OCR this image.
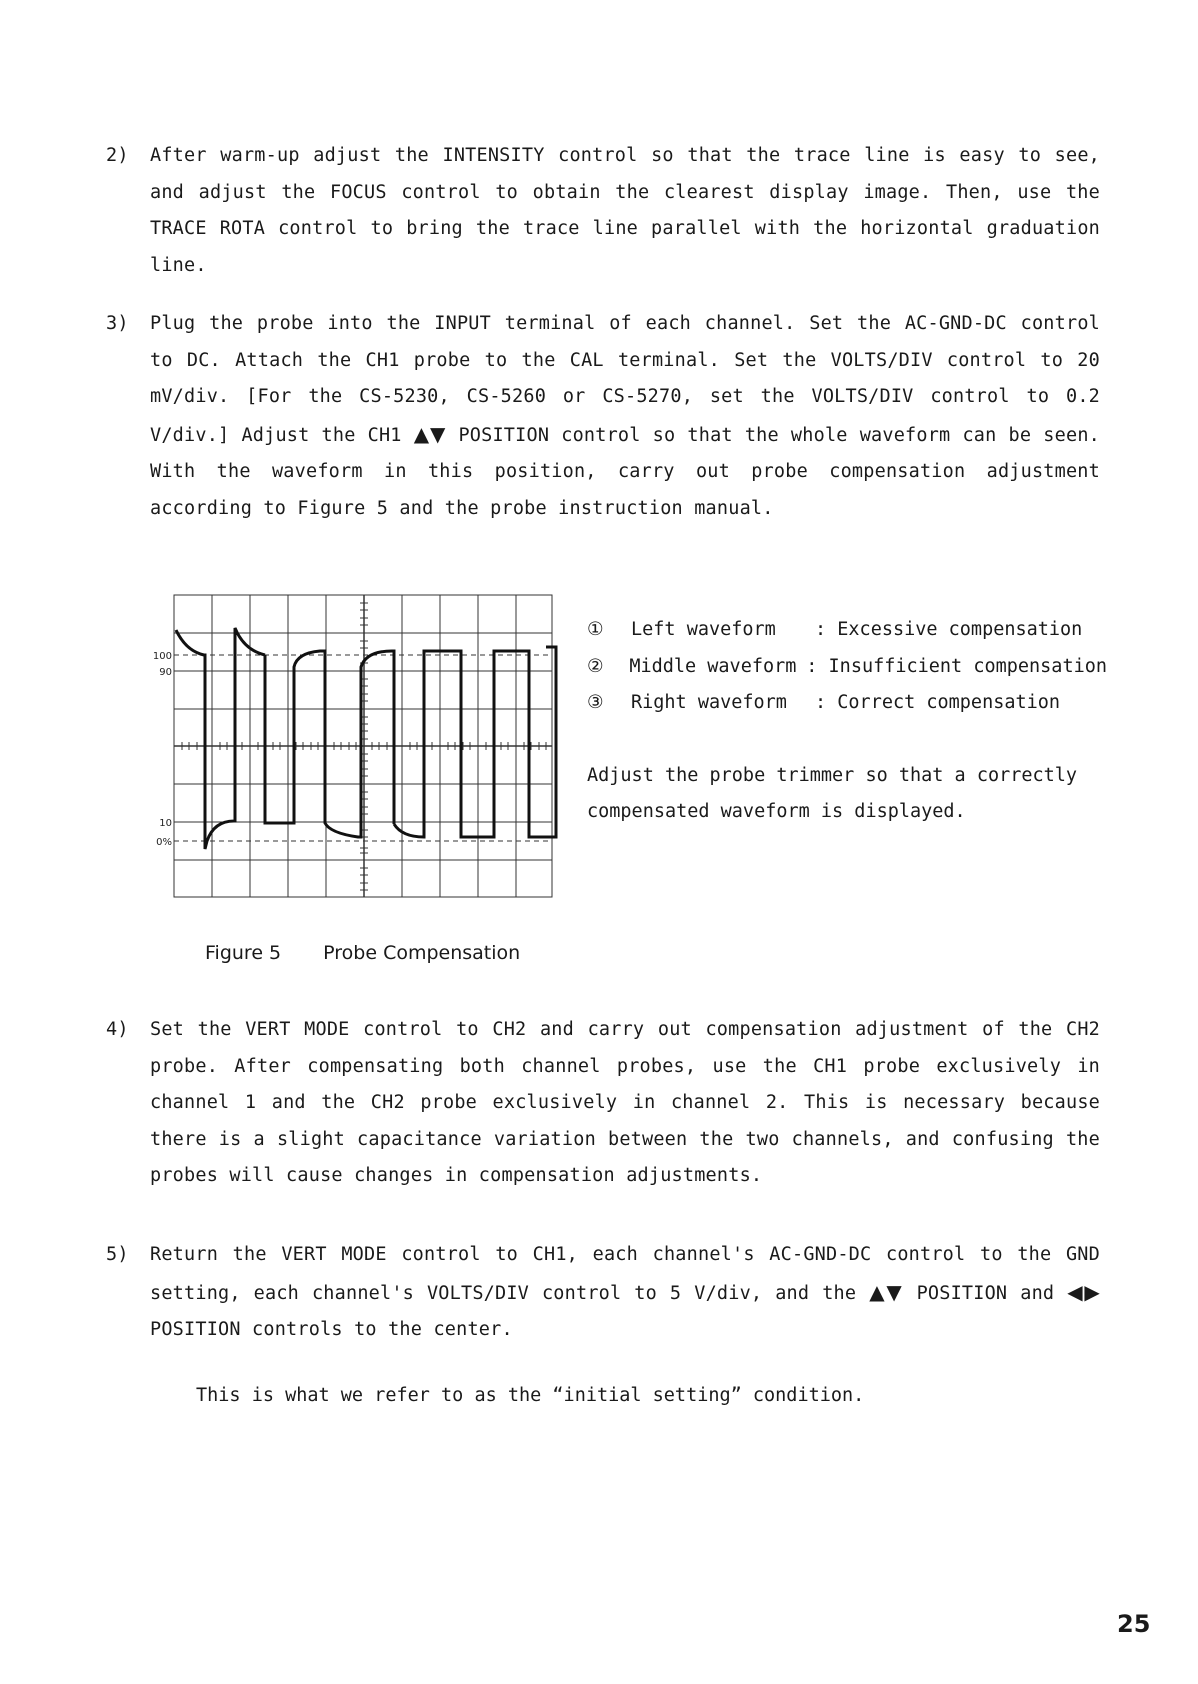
2) After warm-up adjust the INTENSITY control so that the trace line is easy to see, and adjust the FOCUS control to obtain the clearest display image. Then, use the TRACE ROTA control to bring the trace line parallel with the horizontal graduation line.

3) Plug the probe into the INPUT terminal of each channel. Set the AC-GND-DC control to DC. Attach the CH1 probe to the CAL terminal. Set the VOLTS/DIV control to 20 mV/div. [For the CS-5230, CS-5260 or CS-5270, set the VOLTS/DIV control to 0.2 V/div.] Adjust the CH1 ▲▼ POSITION control so that the whole waveform can be seen. With the waveform in this position, carry out probe compensation adjustment according to Figure 5 and the probe instruction manual.

100
90
10
0%
①	Left waveform	: Excessive compensation
②	Middle waveform : Insufficient compensation
③	Right waveform	: Correct compensation
Adjust the probe trimmer so that a correctly compensated waveform is displayed.
Figure 5 Probe Compensation
4) Set the VERT MODE control to CH2 and carry out compensation adjustment of the CH2 probe. After compensating both channel probes, use the CH1 probe exclusively in channel 1 and the CH2 probe exclusively in channel 2. This is necessary because there is a slight capacitance variation between the two channels, and confusing the probes will cause changes in compensation adjustments.

5) Return the VERT MODE control to CH1, each channel's AC-GND-DC control to the GND setting, each channel's VOLTS/DIV control to 5 V/div, and the ▲▼ POSITION and ◀▶ POSITION controls to the center.

This is what we refer to as the “initial setting” condition.
25
